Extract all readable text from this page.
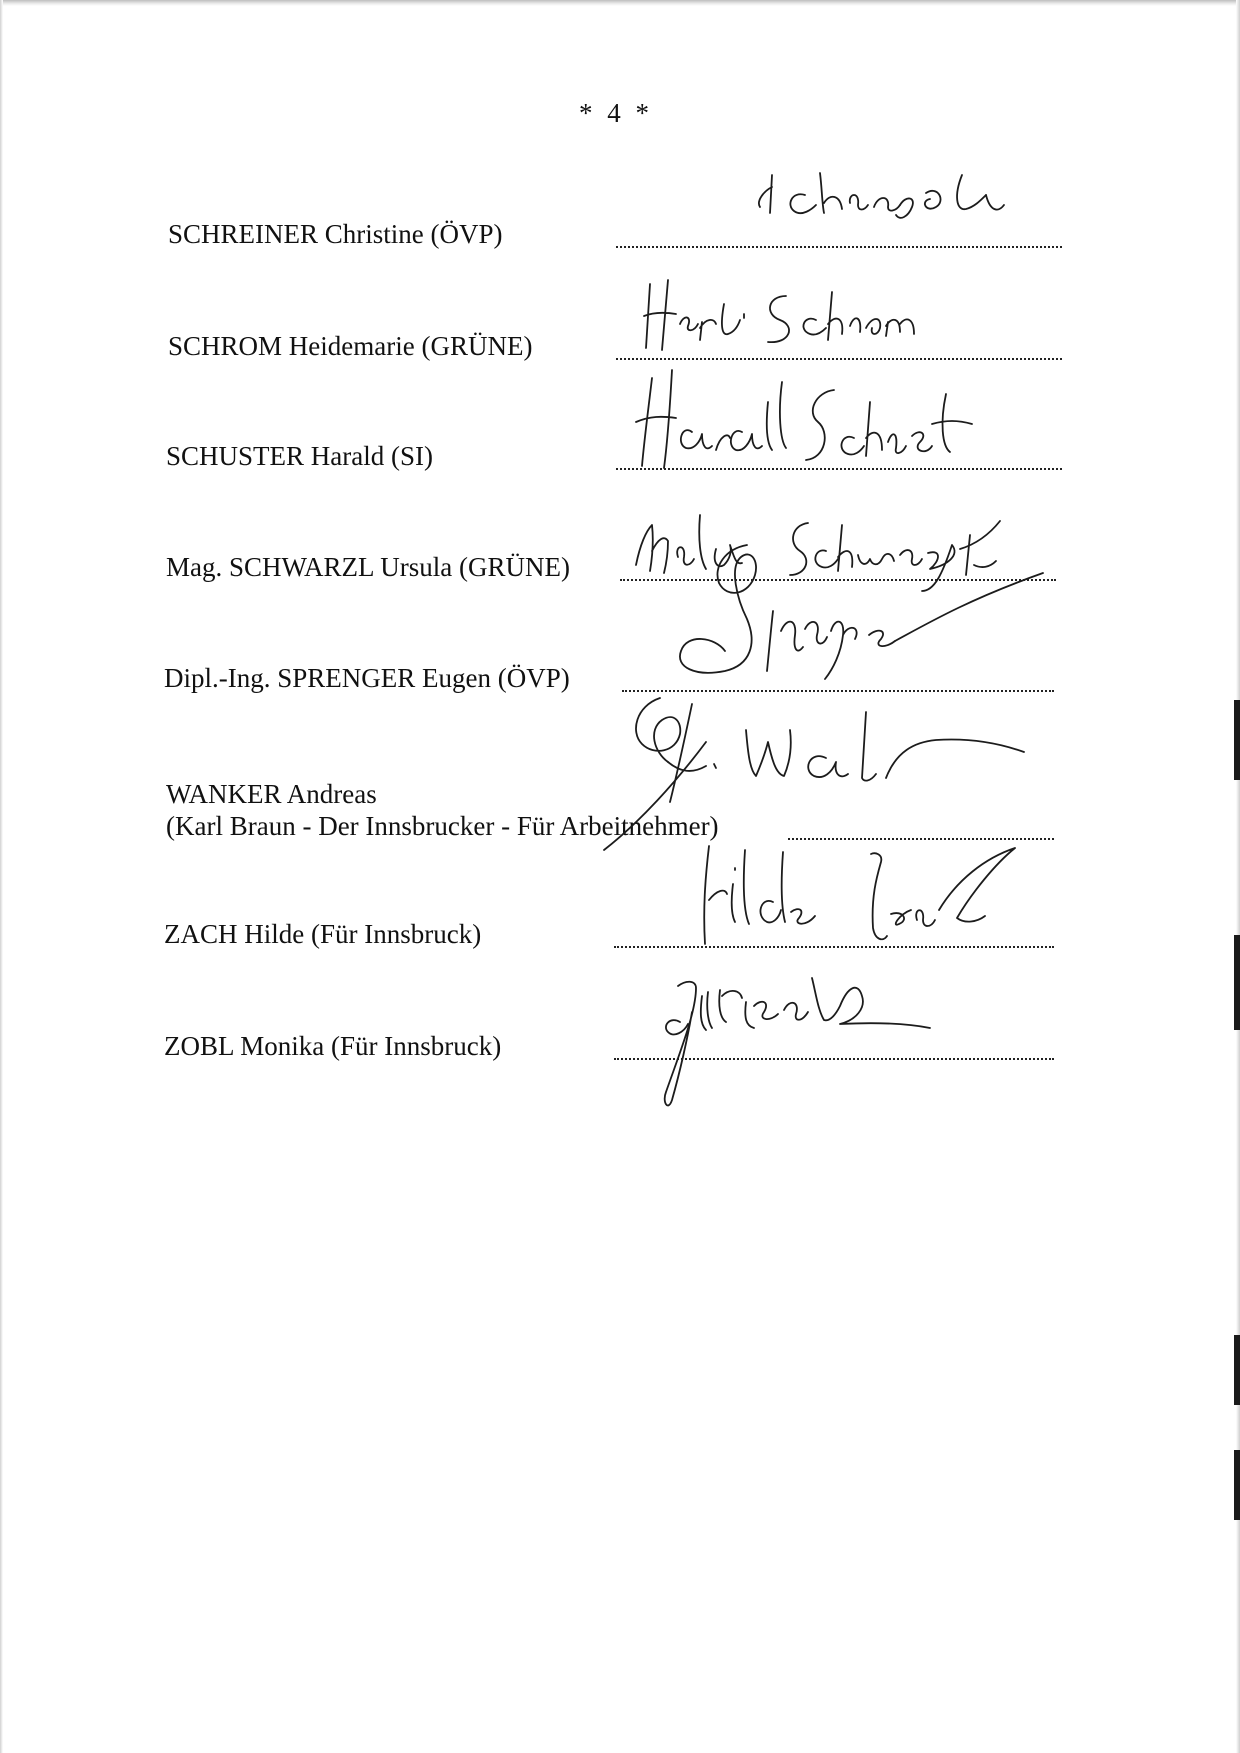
* 4 *
SCHREINER Christine (ÖVP)
SCHROM Heidemarie (GRÜNE)
SCHUSTER Harald (SI)
Mag. SCHWARZL Ursula (GRÜNE)
Dipl.-Ing. SPRENGER Eugen (ÖVP)
WANKER Andreas
(Karl Braun - Der Innsbrucker - Für Arbeitnehmer)
ZACH Hilde (Für Innsbruck)
ZOBL Monika (Für Innsbruck)
